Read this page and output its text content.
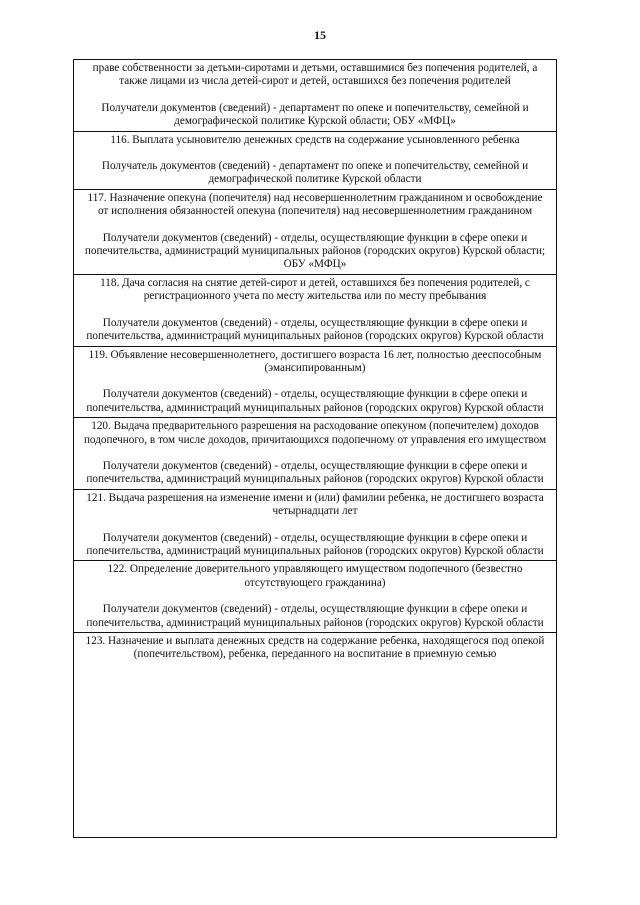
15

праве собственности за детьми-сиротами и детьми, оставшимися без попечения родителей, а также лицами из числа детей-сирот и детей, оставшихся без попечения родителей

Получатели документов (сведений) - департамент по опеке и попечительству, семейной и демографической политике Курской области; ОБУ «МФЦ»

116. Выплата усыновителю денежных средств на содержание усыновленного ребенка

Получатель документов (сведений) - департамент по опеке и попечительству, семейной и демографической политике Курской области

117. Назначение опекуна (попечителя) над несовершеннолетним гражданином и освобождение от исполнения обязанностей опекуна (попечителя) над несовершеннолетним гражданином

Получатели документов (сведений) - отделы, осуществляющие функции в сфере опеки и попечительства, администраций муниципальных районов (городских округов) Курской области; ОБУ «МФЦ»

118. Дача согласия на снятие детей-сирот и детей, оставшихся без попечения родителей, с регистрационного учета по месту жительства или по месту пребывания

Получатели документов (сведений) - отделы, осуществляющие функции в сфере опеки и попечительства, администраций муниципальных районов (городских округов) Курской области

119. Объявление несовершеннолетнего, достигшего возраста 16 лет, полностью дееспособным (эмансипированным)

Получатели документов (сведений) - отделы, осуществляющие функции в сфере опеки и попечительства, администраций муниципальных районов (городских округов) Курской области

120. Выдача предварительного разрешения на расходование опекуном (попечителем) доходов подопечного, в том числе доходов, причитающихся подопечному от управления его имуществом

Получатели документов (сведений) - отделы, осуществляющие функции в сфере опеки и попечительства, администраций муниципальных районов (городских округов) Курской области

121. Выдача разрешения на изменение имени и (или) фамилии ребенка, не достигшего возраста четырнадцати лет

Получатели документов (сведений) - отделы, осуществляющие функции в сфере опеки и попечительства, администраций муниципальных районов (городских округов) Курской области

122. Определение доверительного управляющего имуществом подопечного (безвестно отсутствующего гражданина)

Получатели документов (сведений) - отделы, осуществляющие функции в сфере опеки и попечительства, администраций муниципальных районов (городских округов) Курской области

123. Назначение и выплата денежных средств на содержание ребенка, находящегося под опекой (попечительством), ребенка, переданного на воспитание в приемную семью
